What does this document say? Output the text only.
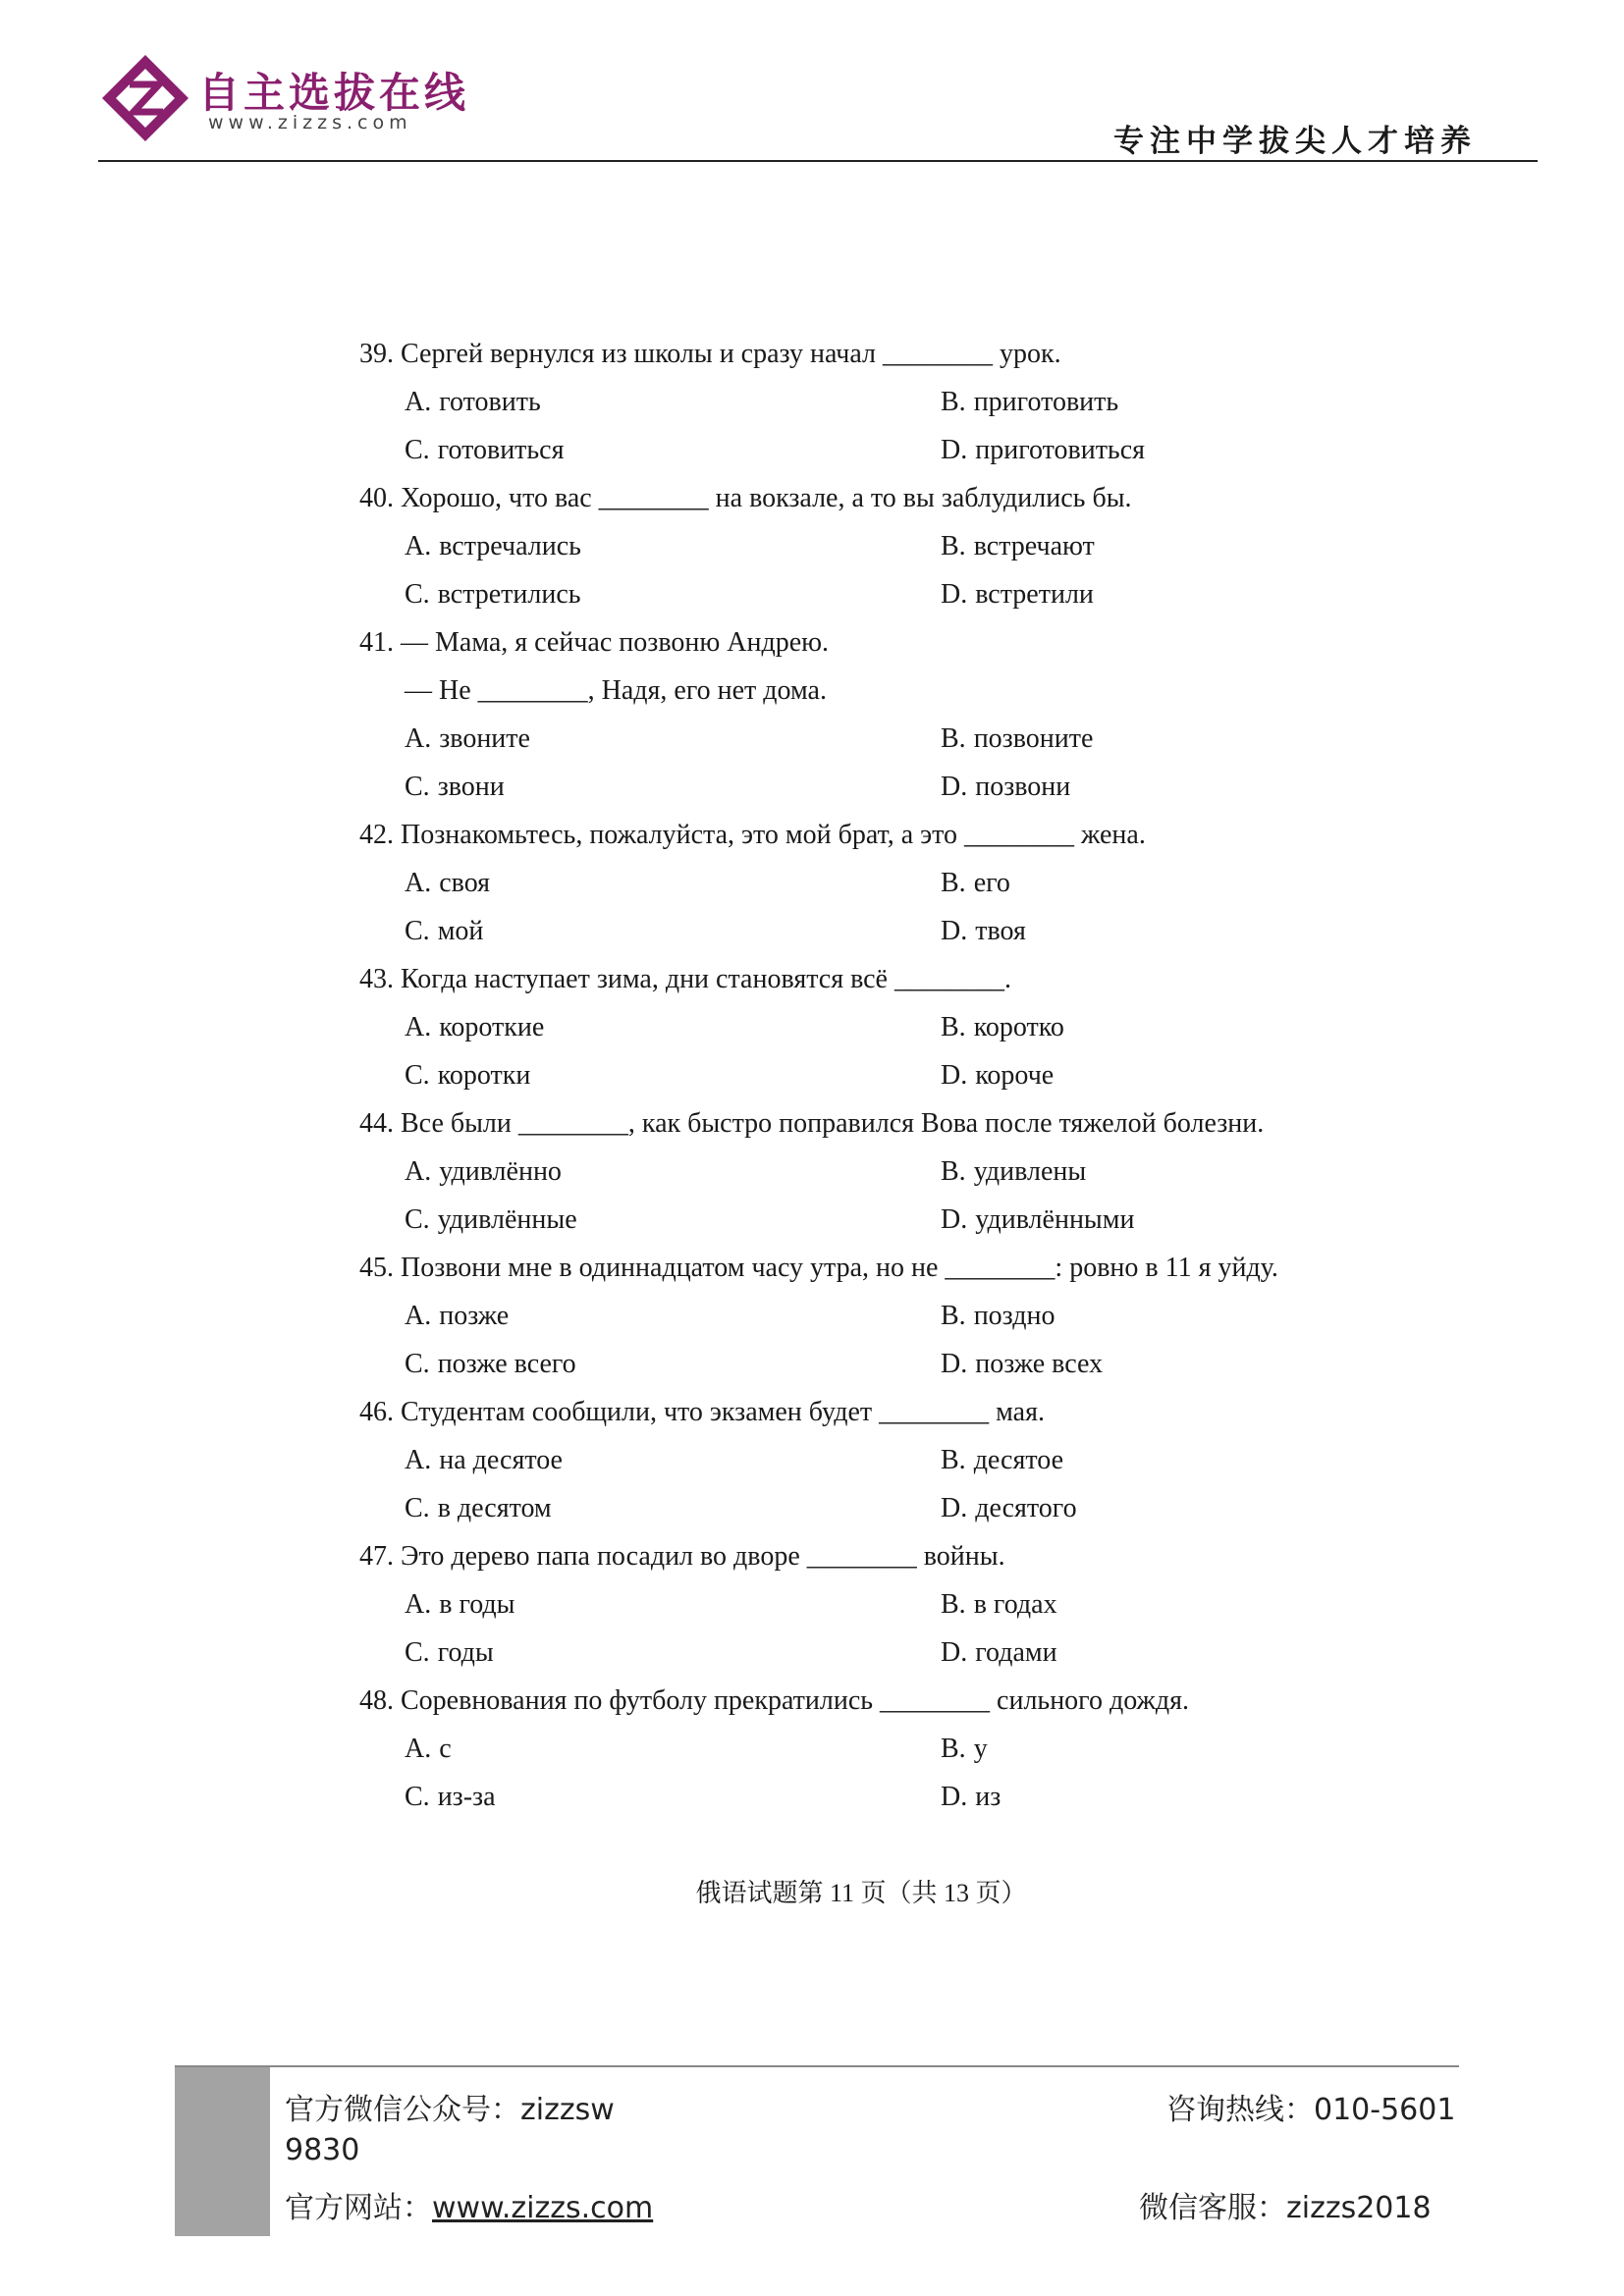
自主选拔在线
www.zizzs.com
专注中学拔尖人才培养
39. Сергей вернулся из школы и сразу начал ________ урок.
A. готовить	B. приготовить
C. готовиться	D. приготовиться
40. Хорошо, что вас ________ на вокзале, а то вы заблудились бы.
A. встречались	B. встречают
C. встретились	D. встретили
41. — Мама, я сейчас позвоню Андрею.
— Не ________, Надя, его нет дома.
A. звоните	B. позвоните
C. звони	D. позвони
42. Познакомьтесь, пожалуйста, это мой брат, а это ________ жена.
A. своя	B. его
C. мой	D. твоя
43. Когда наступает зима, дни становятся всё ________.
A. короткие	B. коротко
C. коротки	D. короче
44. Все были ________, как быстро поправился Вова после тяжелой болезни.
A. удивлённо	B. удивлены
C. удивлённые	D. удивлёнными
45. Позвони мне в одиннадцатом часу утра, но не ________: ровно в 11 я уйду.
A. позже	B. поздно
C. позже всего	D. позже всех
46. Студентам сообщили, что экзамен будет ________ мая.
A. на десятое	B. десятое
C. в десятом	D. десятого
47. Это дерево папа посадил во дворе ________ войны.
A. в годы	B. в годах
C. годы	D. годами
48. Соревнования по футболу прекратились ________ сильного дождя.
A. с	B. у
C. из-за	D. из
俄语试题第 11 页（共 13 页）
官方微信公众号：zizzsw
9830
官方网站：www.zizzs.com
咨询热线：010-5601
微信客服：zizzs2018
